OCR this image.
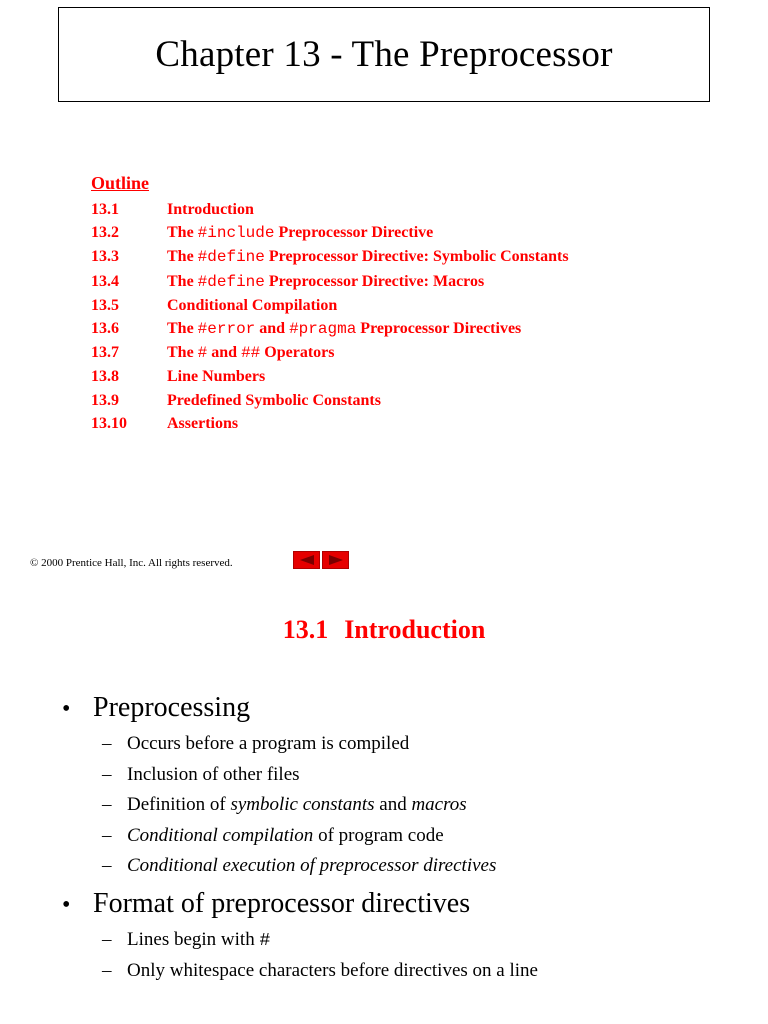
Chapter 13 - The Preprocessor
Outline
13.1	Introduction
13.2	The #include Preprocessor Directive
13.3	The #define Preprocessor Directive: Symbolic Constants
13.4	The #define Preprocessor Directive: Macros
13.5	Conditional Compilation
13.6	The #error and #pragma Preprocessor Directives
13.7	The # and ## Operators
13.8	Line Numbers
13.9	Predefined Symbolic Constants
13.10	Assertions
© 2000 Prentice Hall, Inc. All rights reserved.
13.1 Introduction
• Preprocessing
– Occurs before a program is compiled
– Inclusion of other files
– Definition of symbolic constants and macros
– Conditional compilation of program code
– Conditional execution of preprocessor directives
• Format of preprocessor directives
– Lines begin with #
– Only whitespace characters before directives on a line
